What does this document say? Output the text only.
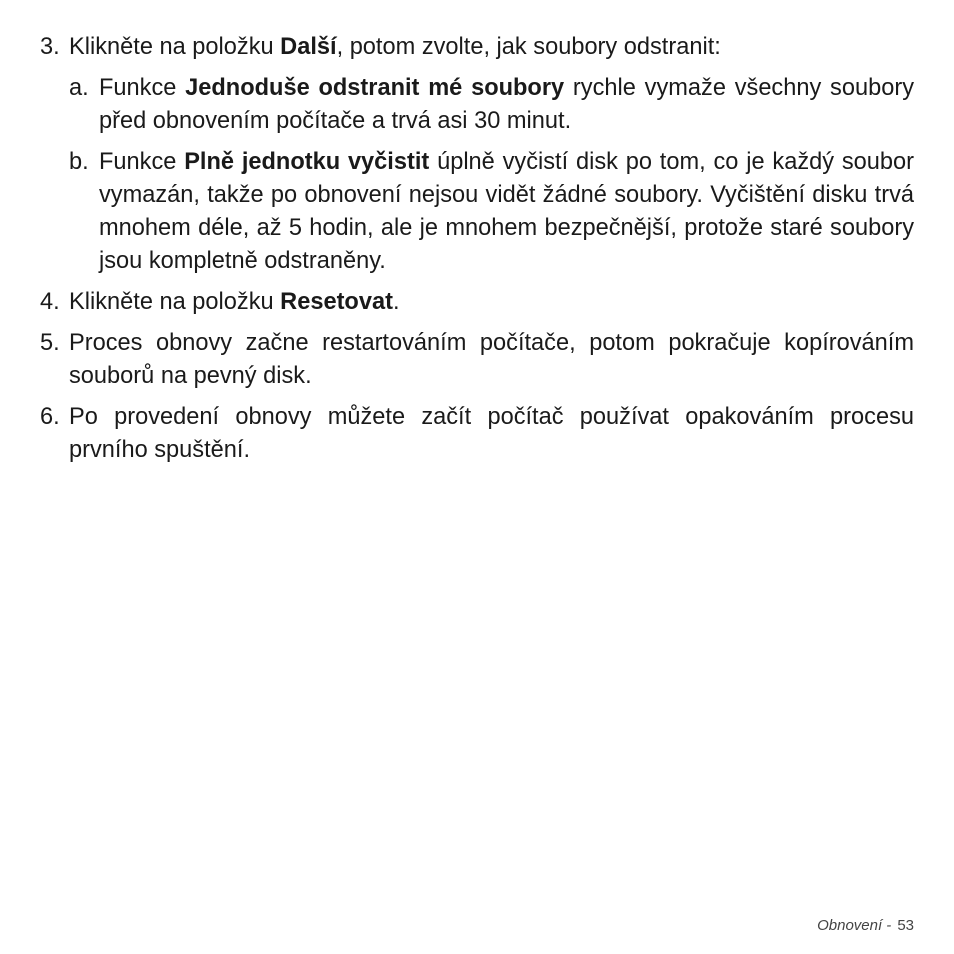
3. Klikněte na položku Další, potom zvolte, jak soubory odstranit:
a. Funkce Jednoduše odstranit mé soubory rychle vymaže všechny soubory před obnovením počítače a trvá asi 30 minut.
b. Funkce Plně jednotku vyčistit úplně vyčistí disk po tom, co je každý soubor vymazán, takže po obnovení nejsou vidět žádné soubory. Vyčištění disku trvá mnohem déle, až 5 hodin, ale je mnohem bezpečnější, protože staré soubory jsou kompletně odstraněny.
4. Klikněte na položku Resetovat.
5. Proces obnovy začne restartováním počítače, potom pokračuje kopírováním souborů na pevný disk.
6. Po provedení obnovy můžete začít počítač používat opakováním procesu prvního spuštění.
Obnovení - 53
